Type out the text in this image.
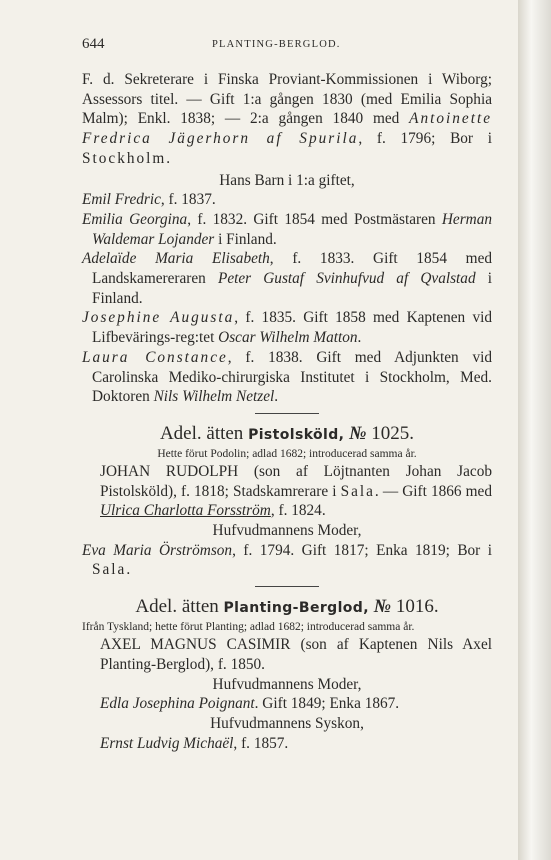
644	PLANTING-BERGLOD.

F. d. Sekreterare i Finska Proviant-Kommissionen i Wiborg; Assessors titel. — Gift 1:a gången 1830 (med Emilia Sophia Malm); Enkl. 1838; — 2:a gången 1840 med Antoinette Fredrica Jägerhorn af Spurila, f. 1796; Bor i Stockholm.

Hans Barn i 1:a giftet,

Emil Fredric, f. 1837.

Emilia Georgina, f. 1832. Gift 1854 med Postmästaren Herman Waldemar Lojander i Finland.

Adelaïde Maria Elisabeth, f. 1833. Gift 1854 med Landskamereraren Peter Gustaf Svinhufvud af Qvalstad i Finland.

Josephine Augusta, f. 1835. Gift 1858 med Kaptenen vid Lifbevärings-reg:tet Oscar Wilhelm Matton.

Laura Constance, f. 1838. Gift med Adjunkten vid Carolinska Mediko-chirurgiska Institutet i Stockholm, Med. Doktoren Nils Wilhelm Netzel.

Adel. ätten Pistolsköld, № 1025.

Hette förut Podolin; adlad 1682; introducerad samma år.

JOHAN RUDOLPH (son af Löjtnanten Johan Jacob Pistolsköld), f. 1818; Stadskamrerare i Sala. — Gift 1866 med Ulrica Charlotta Forsström, f. 1824.

Hufvudmannens Moder,

Eva Maria Örströmson, f. 1794. Gift 1817; Enka 1819; Bor i Sala.

Adel. ätten Planting-Berglod, № 1016.

Ifrån Tyskland; hette förut Planting; adlad 1682; introducerad samma år.

AXEL MAGNUS CASIMIR (son af Kaptenen Nils Axel Planting-Berglod), f. 1850.

Hufvudmannens Moder,

Edla Josephina Poignant. Gift 1849; Enka 1867.

Hufvudmannens Syskon,

Ernst Ludvig Michaël, f. 1857.
